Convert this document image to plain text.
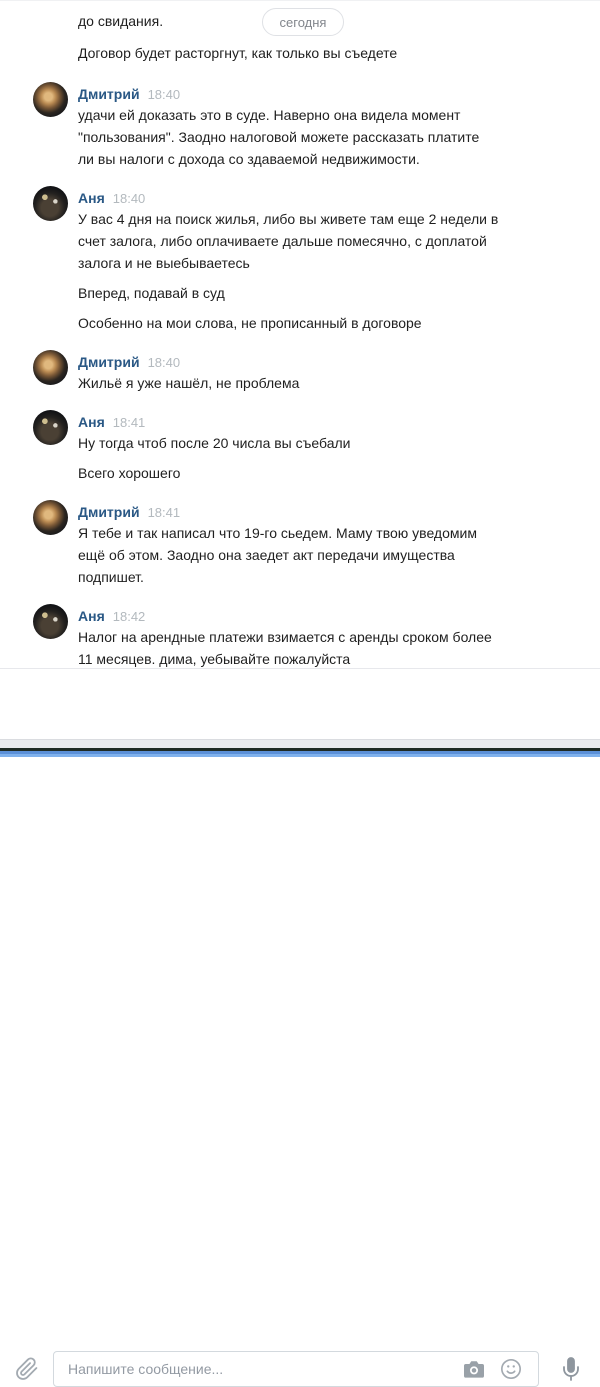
сегодня
до свидания.
Договор будет расторгнут, как только вы съедете
Дмитрий 18:40
удачи ей доказать это в суде. Наверно она видела момент
"пользования". Заодно налоговой можете рассказать платите
ли вы налоги с дохода со здаваемой недвижимости.
Аня 18:40
У вас 4 дня на поиск жилья, либо вы живете там еще 2 недели в
счет залога, либо оплачиваете дальше помесячно, с доплатой
залога и не выебываетесь
Вперед, подавай в суд
Особенно на мои слова, не прописанный в договоре
Дмитрий 18:40
Жильё я уже нашёл, не проблема
Аня 18:41
Ну тогда чтоб после 20 числа вы съебали
Всего хорошего
Дмитрий 18:41
Я тебе и так написал что 19-го сьедем. Маму твою уведомим
ещё об этом. Заодно она заедет акт передачи имущества
подпишет.
Аня 18:42
Налог на арендные платежи взимается с аренды сроком более
11 месяцев. дима, уебывайте пожалуйста
Напишите сообщение...
